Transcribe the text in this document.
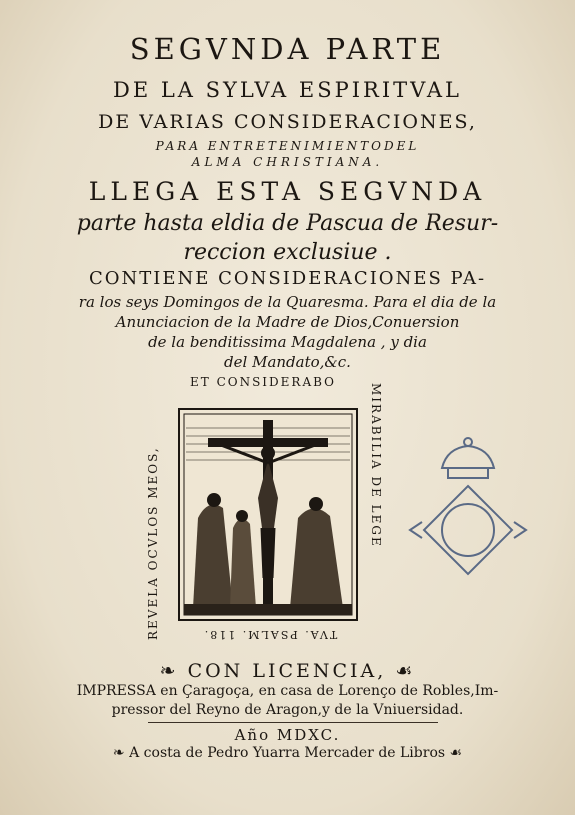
SEGVNDA PARTE
DE LA SYLVA ESPIRITVAL
DE VARIAS CONSIDERACIONES,
PARA ENTRETENIMIENTODEL
ALMA CHRISTIANA.
LLEGA ESTA SEGVNDA
parte hasta eldia de Pascua de Resur-
reccion exclusiue .
CONTIENE CONSIDERACIONES PA-
ra los seys Domingos de la Quaresma. Para el dia de la
Anunciacion de la Madre de Dios,Conuersion
de la benditissima Magdalena , y dia
del Mandato,&c.
ET CONSIDERABO
MIRABILIA DE LEGE
TVA. PSALM. 118.
REVELA OCVLOS MEOS,
❧ CON LICENCIA, ☙
IMPRESSA en Çaragoça, en casa de Lorenço de Robles,Im-
pressor del Reyno de Aragon,y de la Vniuersidad.
Año MDXC.
❧ A costa de Pedro Yuarra Mercader de Libros ☙
